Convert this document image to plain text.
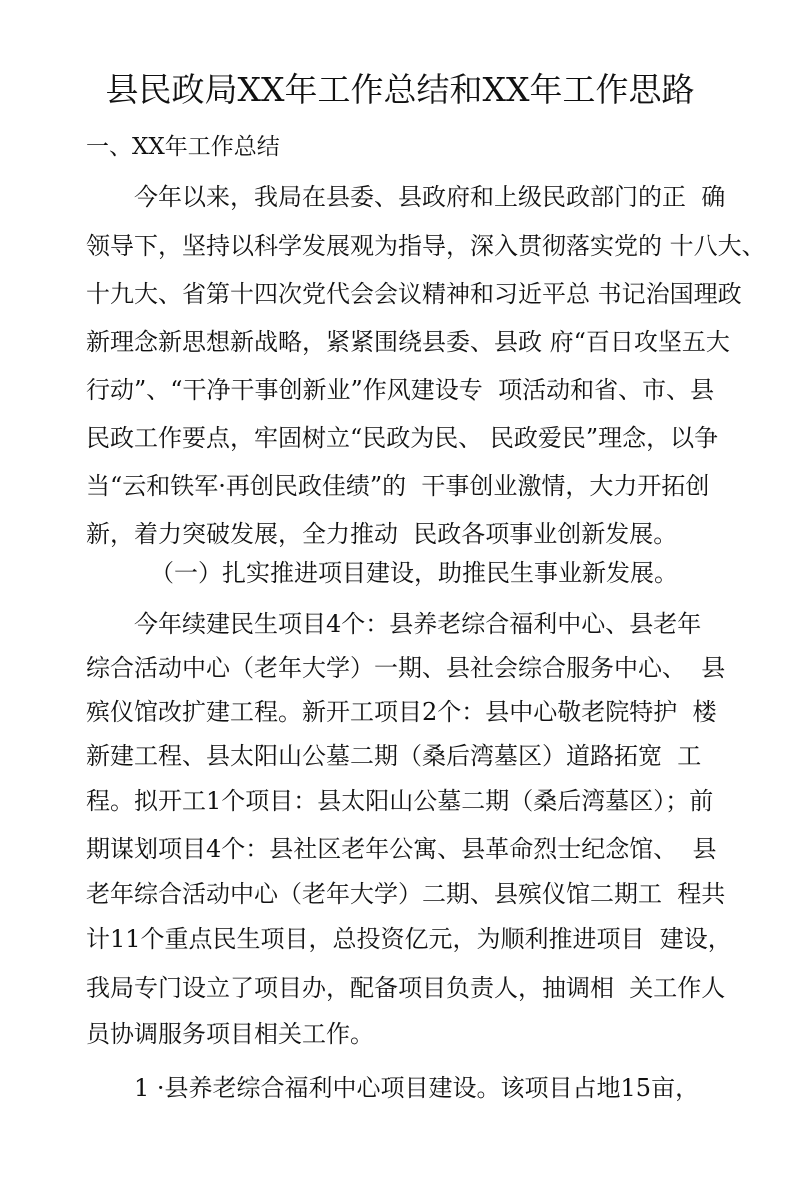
县民政局XX年工作总结和XX年工作思路
一、XX年工作总结
今年以来，我局在县委、县政府和上级民政部门的正  确
领导下，坚持以科学发展观为指导，深入贯彻落实党的 十八大、
十九大、省第十四次党代会会议精神和习近平总 书记治国理政
新理念新思想新战略，紧紧围绕县委、县政 府“百日攻坚五大
行动”、“干净干事创新业”作风建设专  项活动和省、市、县
民政工作要点，牢固树立“民政为民、 民政爱民”理念，以争
当“云和铁军·再创民政佳绩”的  干事创业激情，大力开拓创
新，着力突破发展，全力推动  民政各项事业创新发展。
（一）扎实推进项目建设，助推民生事业新发展。
今年续建民生项目4个：县养老综合福利中心、县老年
综合活动中心（老年大学）一期、县社会综合服务中心、  县
殡仪馆改扩建工程。新开工项目2个：县中心敬老院特护  楼
新建工程、县太阳山公墓二期（桑后湾墓区）道路拓宽  工
程。拟开工1个项目：县太阳山公墓二期（桑后湾墓区）；前
期谋划项目4个：县社区老年公寓、县革命烈士纪念馆、  县
老年综合活动中心（老年大学）二期、县殡仪馆二期工  程共
计11个重点民生项目，总投资亿元，为顺利推进项目  建设，
我局专门设立了项目办，配备项目负责人，抽调相  关工作人
员协调服务项目相关工作。
1 ·县养老综合福利中心项目建设。该项目占地15亩，
